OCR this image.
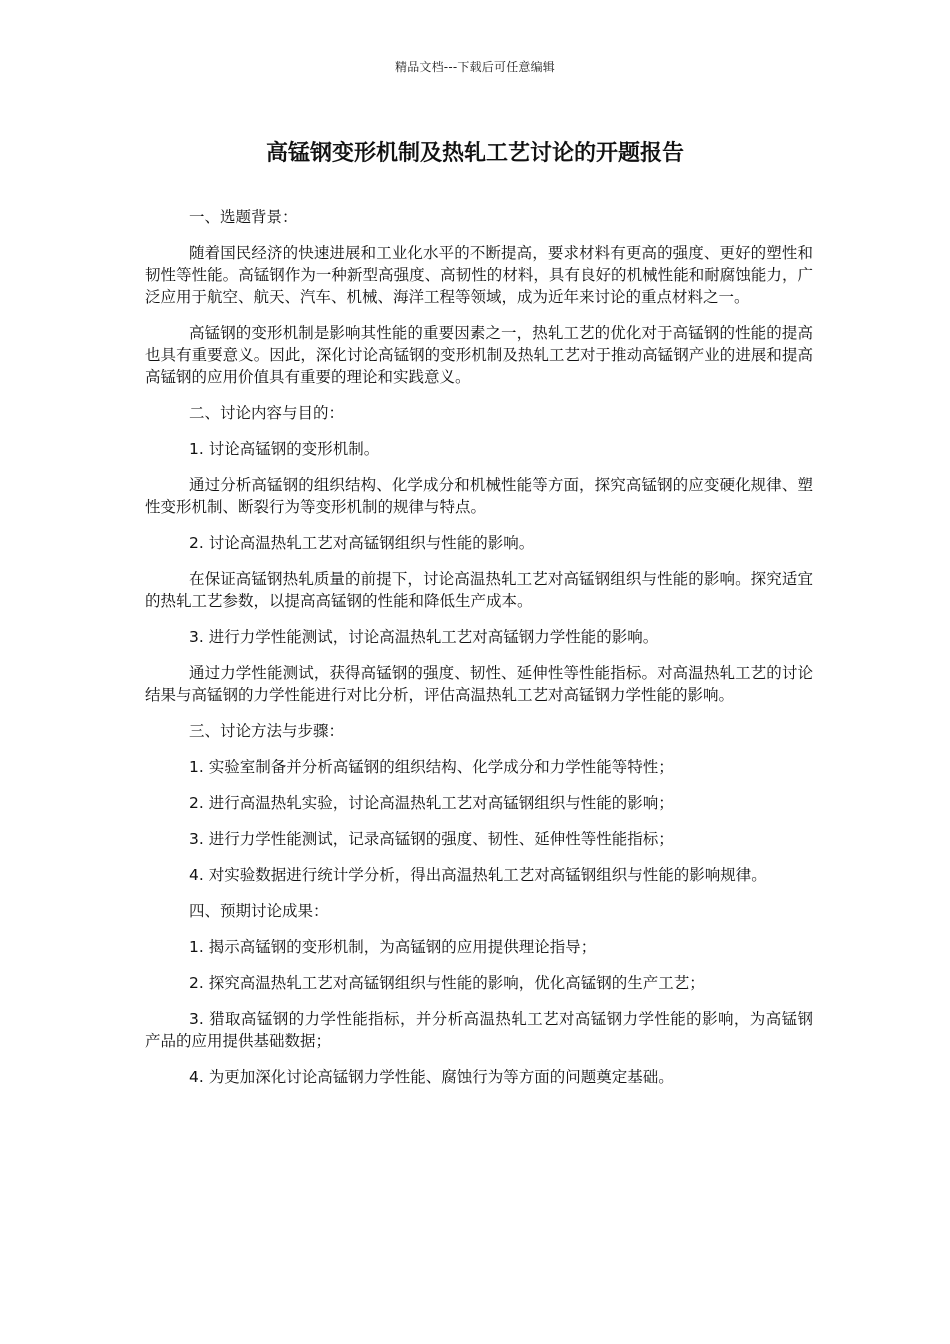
精品文档---下载后可任意编辑
高锰钢变形机制及热轧工艺讨论的开题报告

一、选题背景：

随着国民经济的快速进展和工业化水平的不断提高，要求材料有更高的强度、更好的塑性和韧性等性能。高锰钢作为一种新型高强度、高韧性的材料，具有良好的机械性能和耐腐蚀能力，广泛应用于航空、航天、汽车、机械、海洋工程等领域，成为近年来讨论的重点材料之一。

高锰钢的变形机制是影响其性能的重要因素之一，热轧工艺的优化对于高锰钢的性能的提高也具有重要意义。因此，深化讨论高锰钢的变形机制及热轧工艺对于推动高锰钢产业的进展和提高高锰钢的应用价值具有重要的理论和实践意义。

二、讨论内容与目的：

1. 讨论高锰钢的变形机制。

通过分析高锰钢的组织结构、化学成分和机械性能等方面，探究高锰钢的应变硬化规律、塑性变形机制、断裂行为等变形机制的规律与特点。

2. 讨论高温热轧工艺对高锰钢组织与性能的影响。

在保证高锰钢热轧质量的前提下，讨论高温热轧工艺对高锰钢组织与性能的影响。探究适宜的热轧工艺参数，以提高高锰钢的性能和降低生产成本。

3. 进行力学性能测试，讨论高温热轧工艺对高锰钢力学性能的影响。

通过力学性能测试，获得高锰钢的强度、韧性、延伸性等性能指标。对高温热轧工艺的讨论结果与高锰钢的力学性能进行对比分析，评估高温热轧工艺对高锰钢力学性能的影响。

三、讨论方法与步骤：

1. 实验室制备并分析高锰钢的组织结构、化学成分和力学性能等特性；

2. 进行高温热轧实验，讨论高温热轧工艺对高锰钢组织与性能的影响；

3. 进行力学性能测试，记录高锰钢的强度、韧性、延伸性等性能指标；

4. 对实验数据进行统计学分析，得出高温热轧工艺对高锰钢组织与性能的影响规律。

四、预期讨论成果：

1. 揭示高锰钢的变形机制，为高锰钢的应用提供理论指导；

2. 探究高温热轧工艺对高锰钢组织与性能的影响，优化高锰钢的生产工艺；

3. 猎取高锰钢的力学性能指标，并分析高温热轧工艺对高锰钢力学性能的影响，为高锰钢产品的应用提供基础数据；

4. 为更加深化讨论高锰钢力学性能、腐蚀行为等方面的问题奠定基础。
